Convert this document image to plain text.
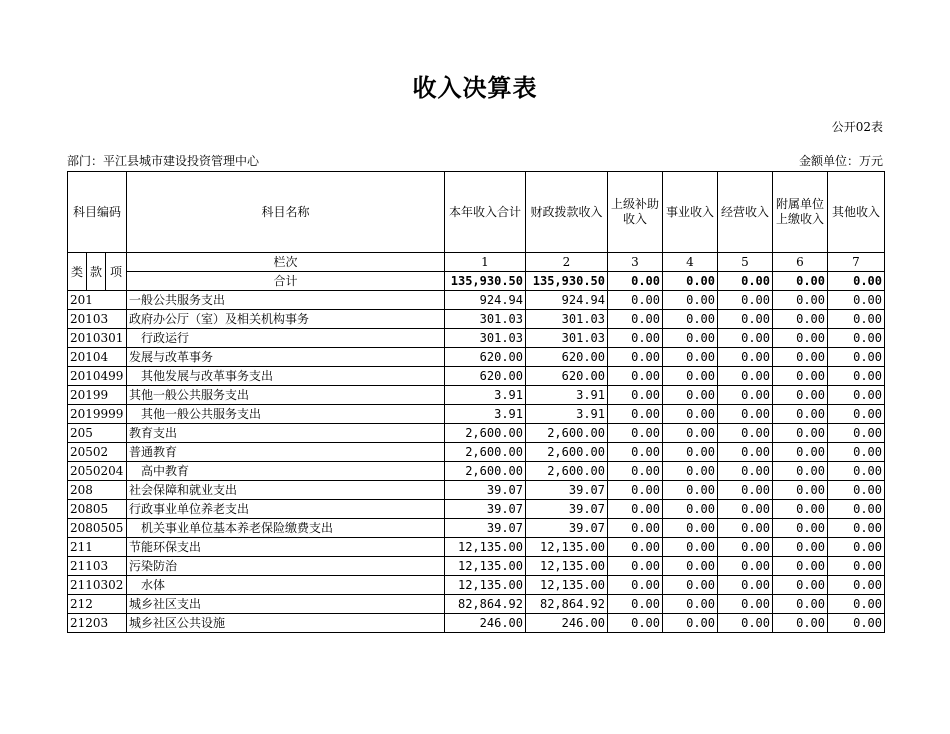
收入决算表
公开02表
部门：平江县城市建设投资管理中心	金额单位：万元
科目编码			科目名称	本年收入合计	财政拨款收入	上级补助收入	事业收入	经营收入	附属单位上缴收入	其他收入
类	款	项	栏次	1	2	3	4	5	6	7
			合计	135,930.50	135,930.50	0.00	0.00	0.00	0.00	0.00
201			一般公共服务支出	924.94	924.94	0.00	0.00	0.00	0.00	0.00
20103			政府办公厅（室）及相关机构事务	301.03	301.03	0.00	0.00	0.00	0.00	0.00
2010301			行政运行	301.03	301.03	0.00	0.00	0.00	0.00	0.00
20104			发展与改革事务	620.00	620.00	0.00	0.00	0.00	0.00	0.00
2010499			其他发展与改革事务支出	620.00	620.00	0.00	0.00	0.00	0.00	0.00
20199			其他一般公共服务支出	3.91	3.91	0.00	0.00	0.00	0.00	0.00
2019999			其他一般公共服务支出	3.91	3.91	0.00	0.00	0.00	0.00	0.00
205			教育支出	2,600.00	2,600.00	0.00	0.00	0.00	0.00	0.00
20502			普通教育	2,600.00	2,600.00	0.00	0.00	0.00	0.00	0.00
2050204			高中教育	2,600.00	2,600.00	0.00	0.00	0.00	0.00	0.00
208			社会保障和就业支出	39.07	39.07	0.00	0.00	0.00	0.00	0.00
20805			行政事业单位养老支出	39.07	39.07	0.00	0.00	0.00	0.00	0.00
2080505			机关事业单位基本养老保险缴费支出	39.07	39.07	0.00	0.00	0.00	0.00	0.00
211			节能环保支出	12,135.00	12,135.00	0.00	0.00	0.00	0.00	0.00
21103			污染防治	12,135.00	12,135.00	0.00	0.00	0.00	0.00	0.00
2110302			水体	12,135.00	12,135.00	0.00	0.00	0.00	0.00	0.00
212			城乡社区支出	82,864.92	82,864.92	0.00	0.00	0.00	0.00	0.00
21203			城乡社区公共设施	246.00	246.00	0.00	0.00	0.00	0.00	0.00
